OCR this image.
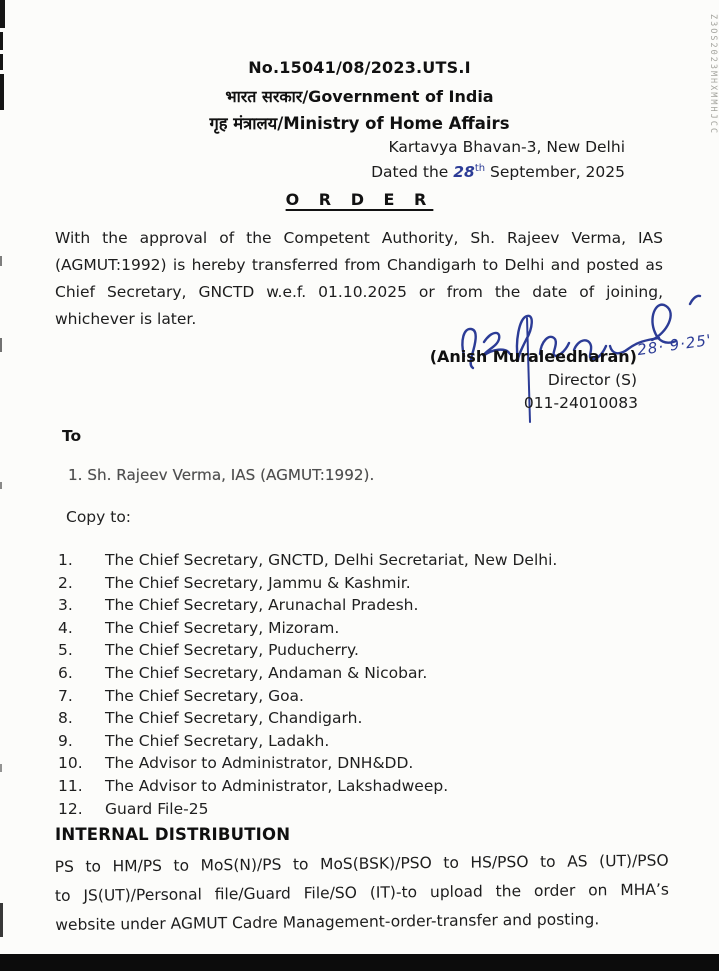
No.15041/08/2023.UTS.I
भारत सरकार/Government of India
गृह मंत्रालय/Ministry of Home Affairs
Kartavya Bhavan-3, New Delhi
Dated the 28th September, 2025
O R D E R
With the approval of the Competent Authority, Sh. Rajeev Verma, IAS
(AGMUT:1992) is hereby transferred from Chandigarh to Delhi and posted as
Chief Secretary, GNCTD w.e.f. 01.10.2025 or from the date of joining,
whichever is later.
28· 9·25'
(Anish Muraleedharan)
Director (S)
011-24010083
To
1. Sh. Rajeev Verma, IAS (AGMUT:1992).
Copy to:
1.	The Chief Secretary, GNCTD, Delhi Secretariat, New Delhi.
2.	The Chief Secretary, Jammu & Kashmir.
3.	The Chief Secretary, Arunachal Pradesh.
4.	The Chief Secretary, Mizoram.
5.	The Chief Secretary, Puducherry.
6.	The Chief Secretary, Andaman & Nicobar.
7.	The Chief Secretary, Goa.
8.	The Chief Secretary, Chandigarh.
9.	The Chief Secretary, Ladakh.
10.	The Advisor to Administrator, DNH&DD.
11.	The Advisor to Administrator, Lakshadweep.
12.	Guard File-25
INTERNAL DISTRIBUTION
PS to HM/PS to MoS(N)/PS to MoS(BSK)/PSO to HS/PSO to AS (UT)/PSO
to JS(UT)/Personal file/Guard File/SO (IT)-to upload the order on MHA’s
website under AGMUT Cadre Management-order-transfer and posting.
Z3OS2023MHXMMHJCC
